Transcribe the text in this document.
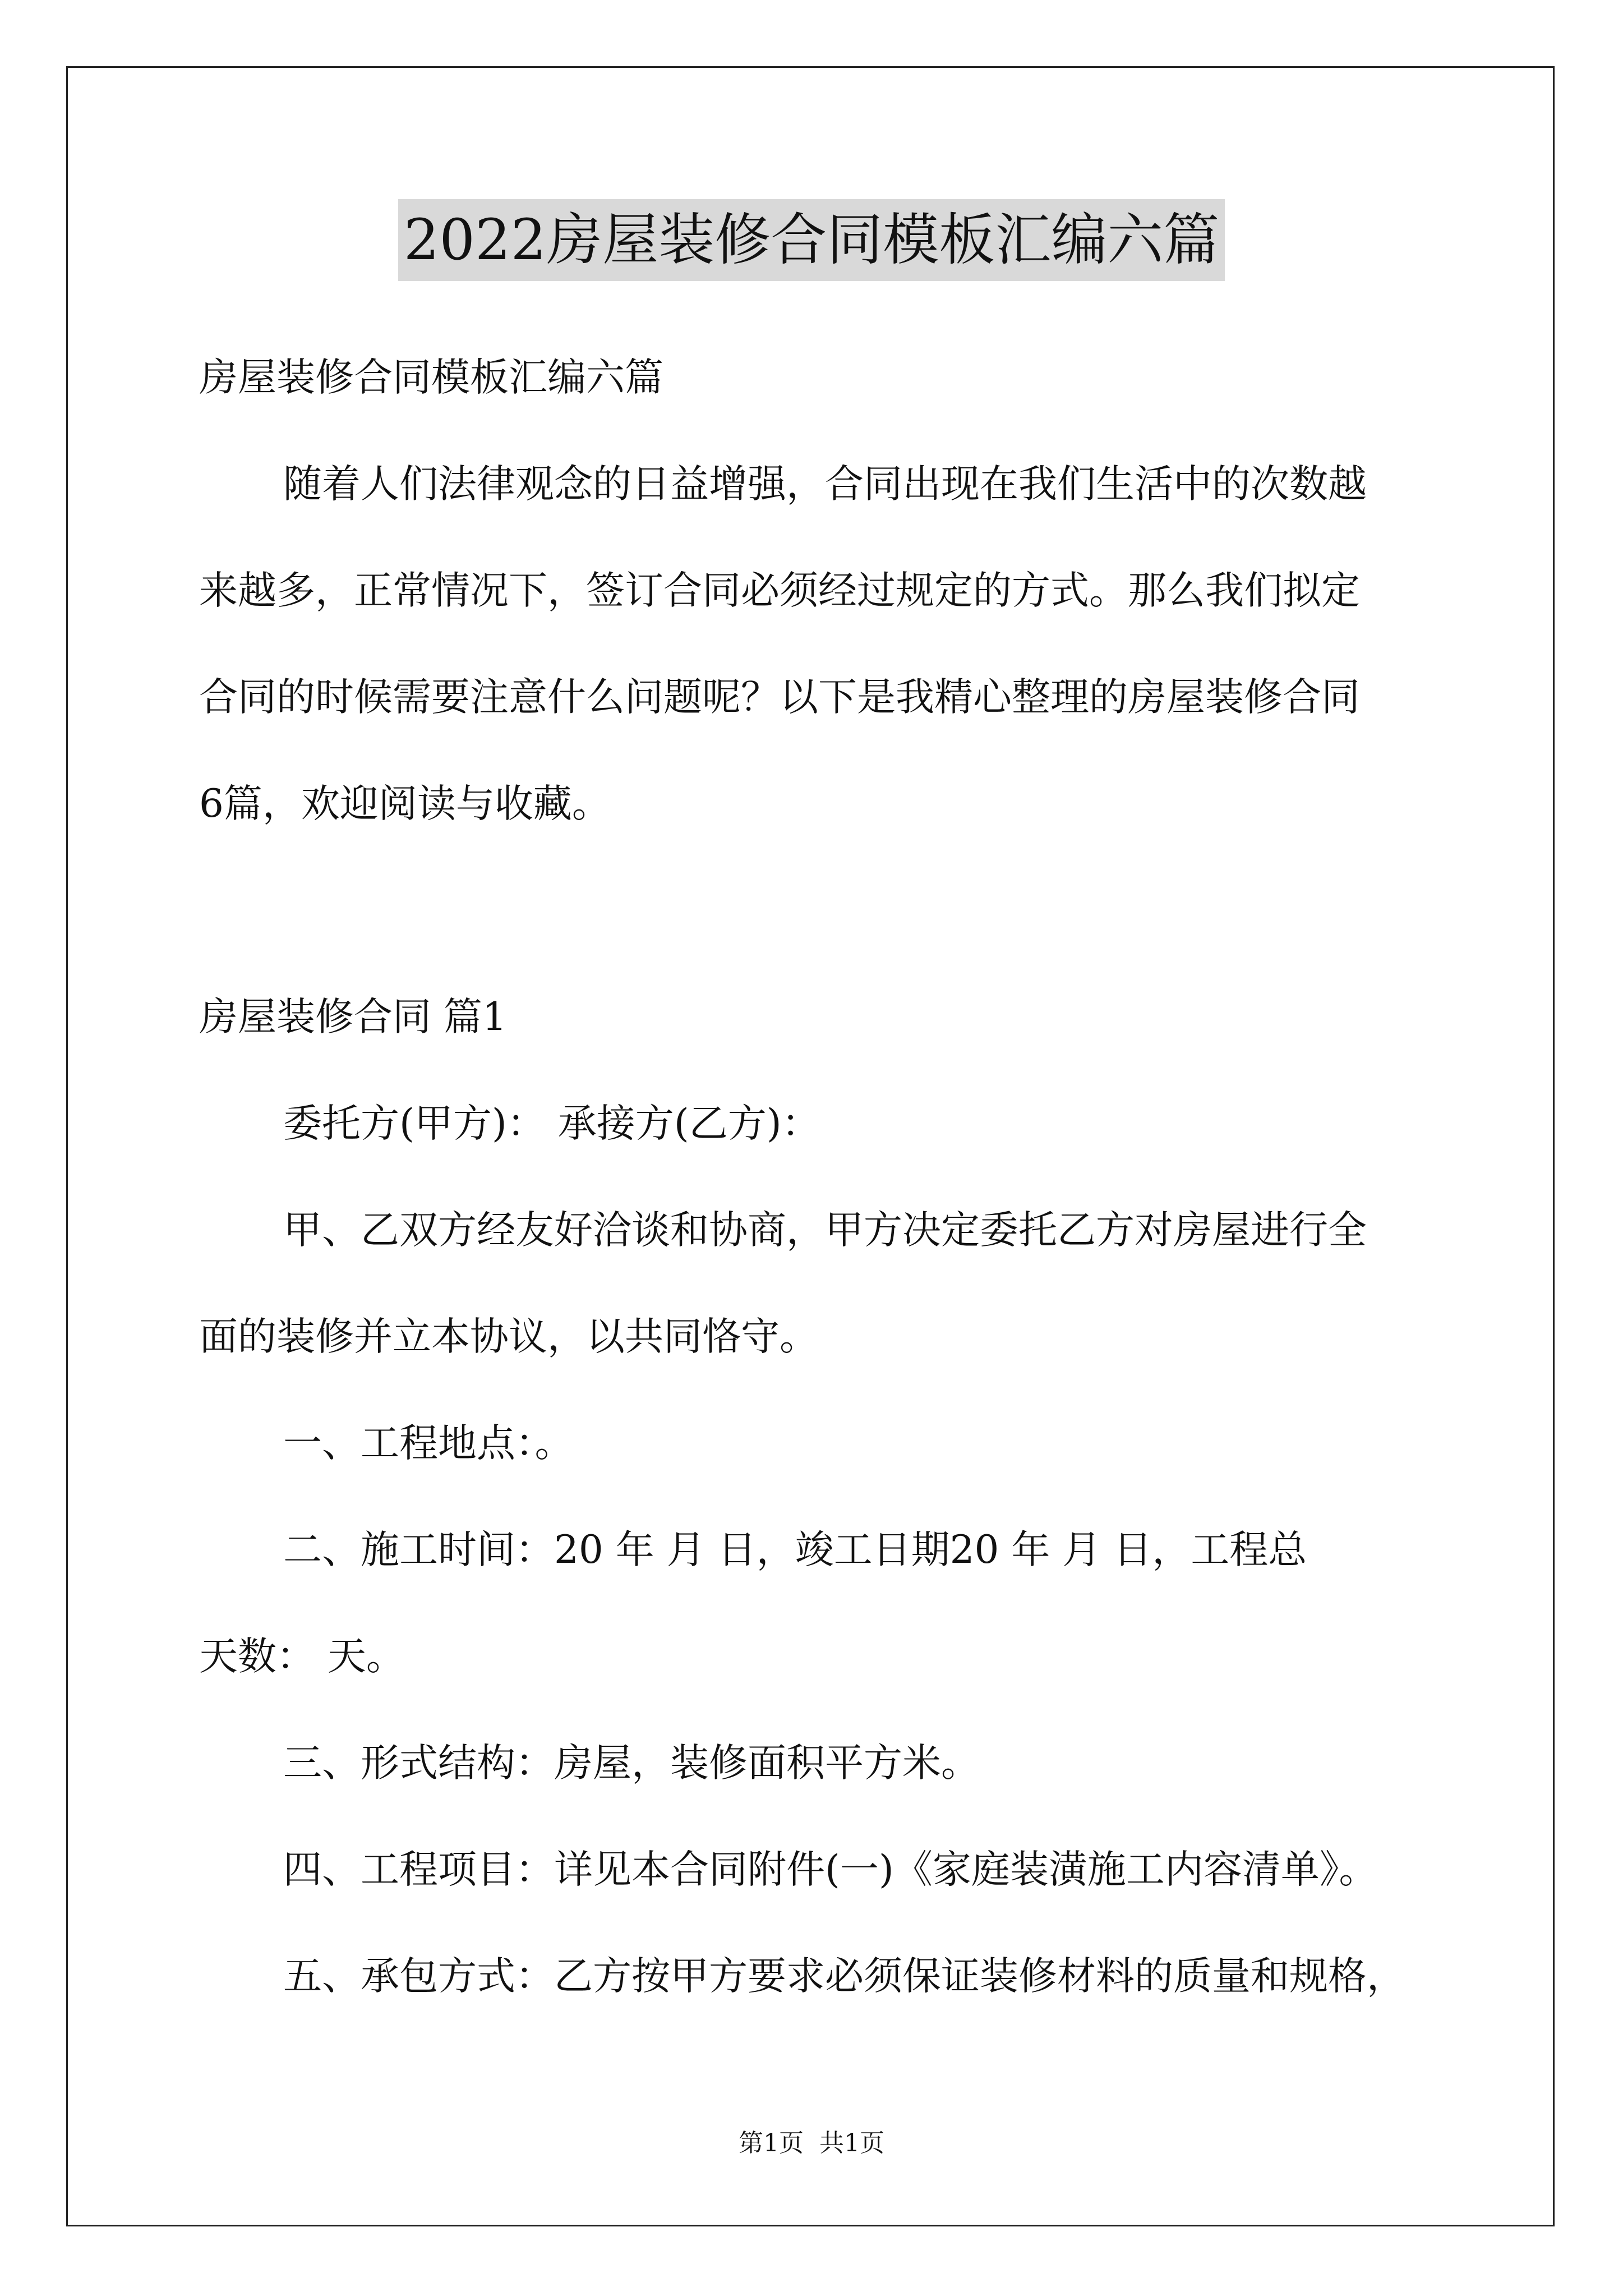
2022房屋装修合同模板汇编六篇
房屋装修合同模板汇编六篇
随着人们法律观念的日益增强，合同出现在我们生活中的次数越
来越多，正常情况下，签订合同必须经过规定的方式。那么我们拟定
合同的时候需要注意什么问题呢？以下是我精心整理的房屋装修合同
6篇，欢迎阅读与收藏。
房屋装修合同 篇1
委托方(甲方)： 承接方(乙方)：
甲、乙双方经友好洽谈和协商，甲方决定委托乙方对房屋进行全
面的装修并立本协议，以共同恪守。
一、工程地点：。
二、施工时间：20 年 月 日，竣工日期20 年 月 日，工程总
天数： 天。
三、形式结构：房屋，装修面积平方米。
四、工程项目：详见本合同附件(一)《家庭装潢施工内容清单》。
五、承包方式：乙方按甲方要求必须保证装修材料的质量和规格，
第1页  共1页
